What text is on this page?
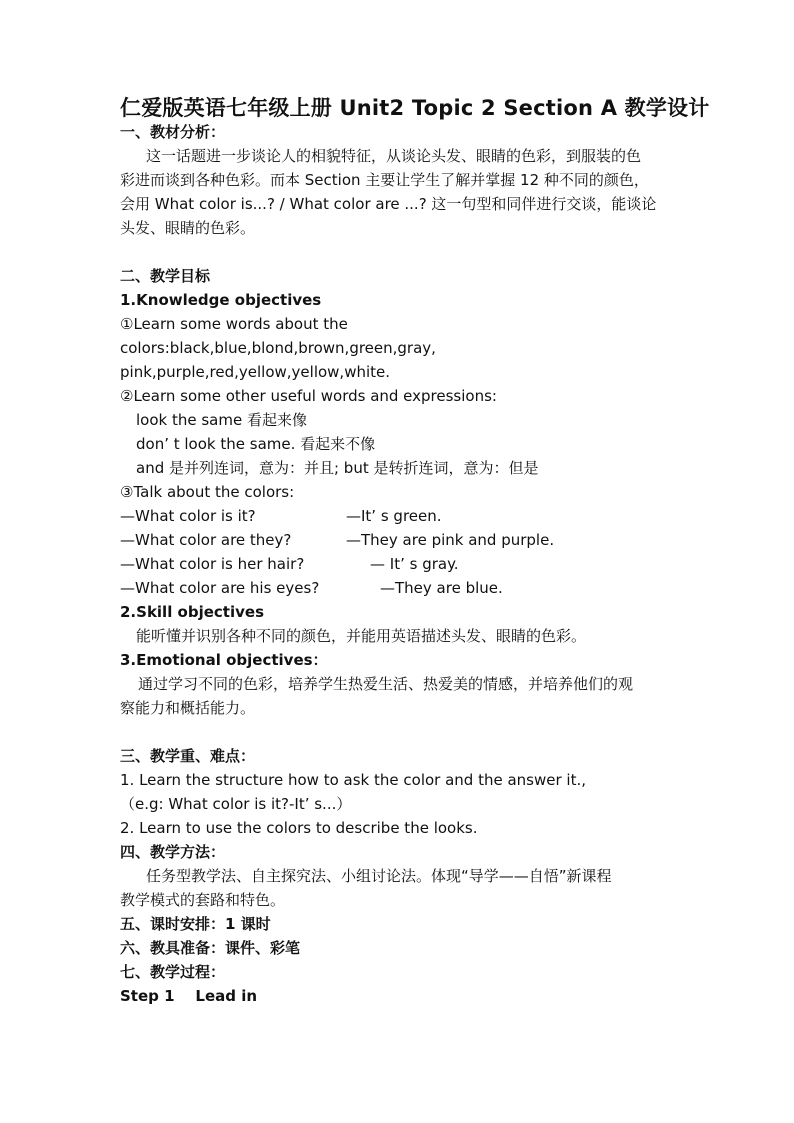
仁爱版英语七年级上册 Unit2 Topic 2 Section A 教学设计
一、教材分析：
这一话题进一步谈论人的相貌特征，从谈论头发、眼睛的色彩，到服装的色
彩进而谈到各种色彩。而本 Section 主要让学生了解并掌握 12 种不同的颜色，
会用 What color is...? / What color are ...? 这一句型和同伴进行交谈，能谈论
头发、眼睛的色彩。
二、教学目标
1.Knowledge objectives
①Learn some words about the
colors:black,blue,blond,brown,green,gray,
pink,purple,red,yellow,yellow,white.
②Learn some other useful words and expressions:
look the same 看起来像
don’ t look the same. 看起来不像
and 是并列连词，意为：并且; but 是转折连词，意为：但是
③Talk about the colors:
—What color is it?	—It’ s green.
—What color are they?	—They are pink and purple.
—What color is her hair?	— It’ s gray.
—What color are his eyes?	—They are blue.
2.Skill objectives
能听懂并识别各种不同的颜色，并能用英语描述头发、眼睛的色彩。
3.Emotional objectives：
通过学习不同的色彩，培养学生热爱生活、热爱美的情感，并培养他们的观
察能力和概括能力。
三、教学重、难点：
1. Learn the structure how to ask the color and the answer it.,
（e.g: What color is it?-It’ s...）
2. Learn to use the colors to describe the looks.
四、教学方法：
任务型教学法、自主探究法、小组讨论法。体现“导学——自悟”新课程
教学模式的套路和特色。
五、课时安排：1 课时
六、教具准备：课件、彩笔
七、教学过程：
Step 1    Lead in
